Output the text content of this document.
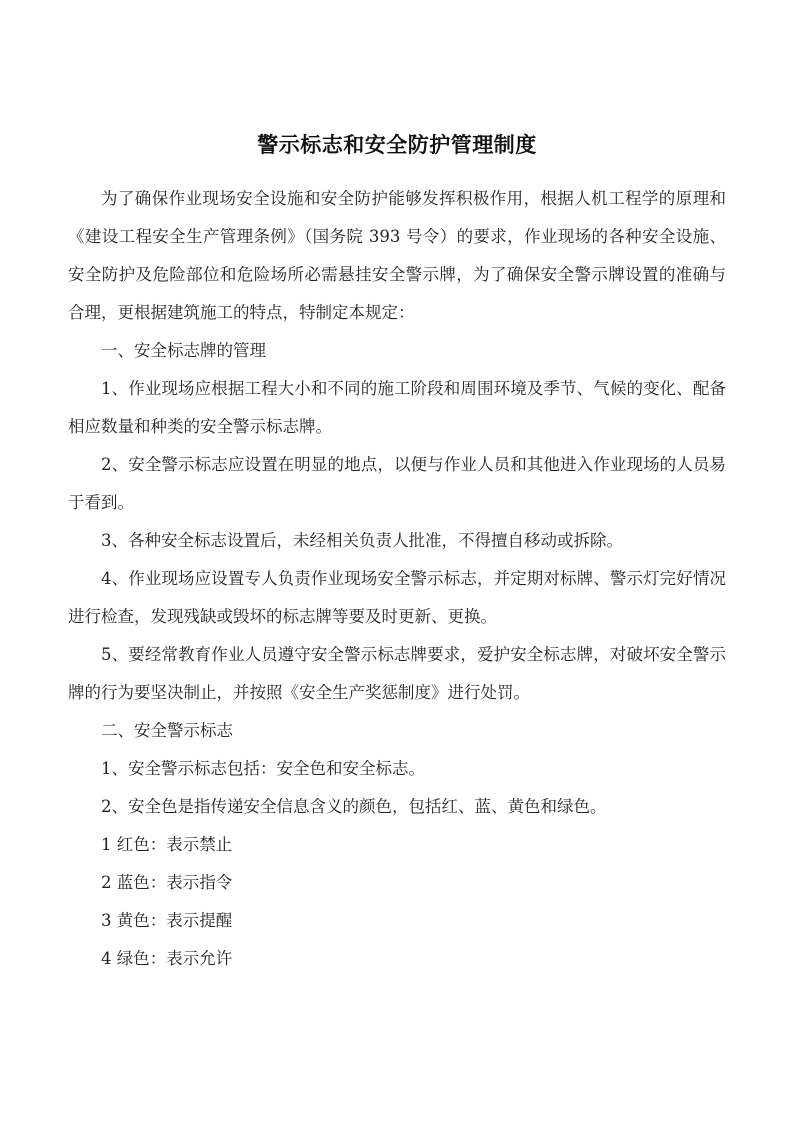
警示标志和安全防护管理制度

为了确保作业现场安全设施和安全防护能够发挥积极作用，根据人机工程学的原理和《建设工程安全生产管理条例》（国务院 393 号令）的要求，作业现场的各种安全设施、安全防护及危险部位和危险场所必需悬挂安全警示牌，为了确保安全警示牌设置的准确与合理，更根据建筑施工的特点，特制定本规定：

一、安全标志牌的管理

1、作业现场应根据工程大小和不同的施工阶段和周围环境及季节、气候的变化、配备相应数量和种类的安全警示标志牌。

2、安全警示标志应设置在明显的地点，以便与作业人员和其他进入作业现场的人员易于看到。

3、各种安全标志设置后，未经相关负责人批准，不得擅自移动或拆除。

4、作业现场应设置专人负责作业现场安全警示标志，并定期对标牌、警示灯完好情况进行检查，发现残缺或毁坏的标志牌等要及时更新、更换。

5、要经常教育作业人员遵守安全警示标志牌要求，爱护安全标志牌，对破坏安全警示牌的行为要坚决制止，并按照《安全生产奖惩制度》进行处罚。

二、安全警示标志

1、安全警示标志包括：安全色和安全标志。

2、安全色是指传递安全信息含义的颜色，包括红、蓝、黄色和绿色。

1 红色：表示禁止

2 蓝色：表示指令

3 黄色：表示提醒

4 绿色：表示允许
